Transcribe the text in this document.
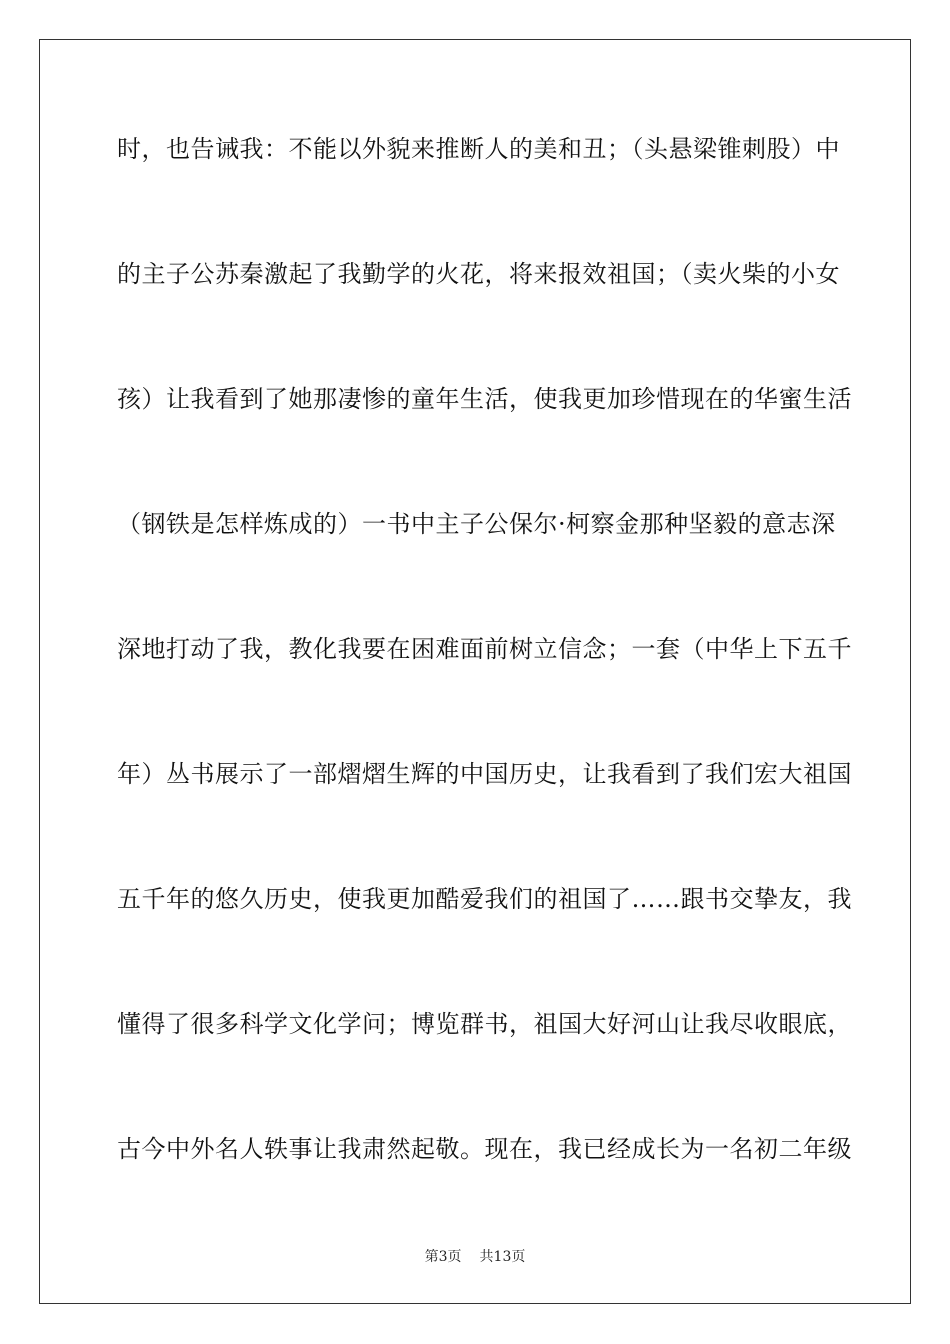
时，也告诫我：不能以外貌来推断人的美和丑；（头悬梁锥刺股）中
的主子公苏秦激起了我勤学的火花，将来报效祖国；（卖火柴的小女
孩）让我看到了她那凄惨的童年生活，使我更加珍惜现在的华蜜生活
（钢铁是怎样炼成的）一书中主子公保尔·柯察金那种坚毅的意志深
深地打动了我，教化我要在困难面前树立信念；一套（中华上下五千
年）丛书展示了一部熠熠生辉的中国历史，让我看到了我们宏大祖国
五千年的悠久历史，使我更加酷爱我们的祖国了……跟书交挚友，我
懂得了很多科学文化学问；博览群书，祖国大好河山让我尽收眼底，
古今中外名人轶事让我肃然起敬。现在，我已经成长为一名初二年级
第3页 共13页
